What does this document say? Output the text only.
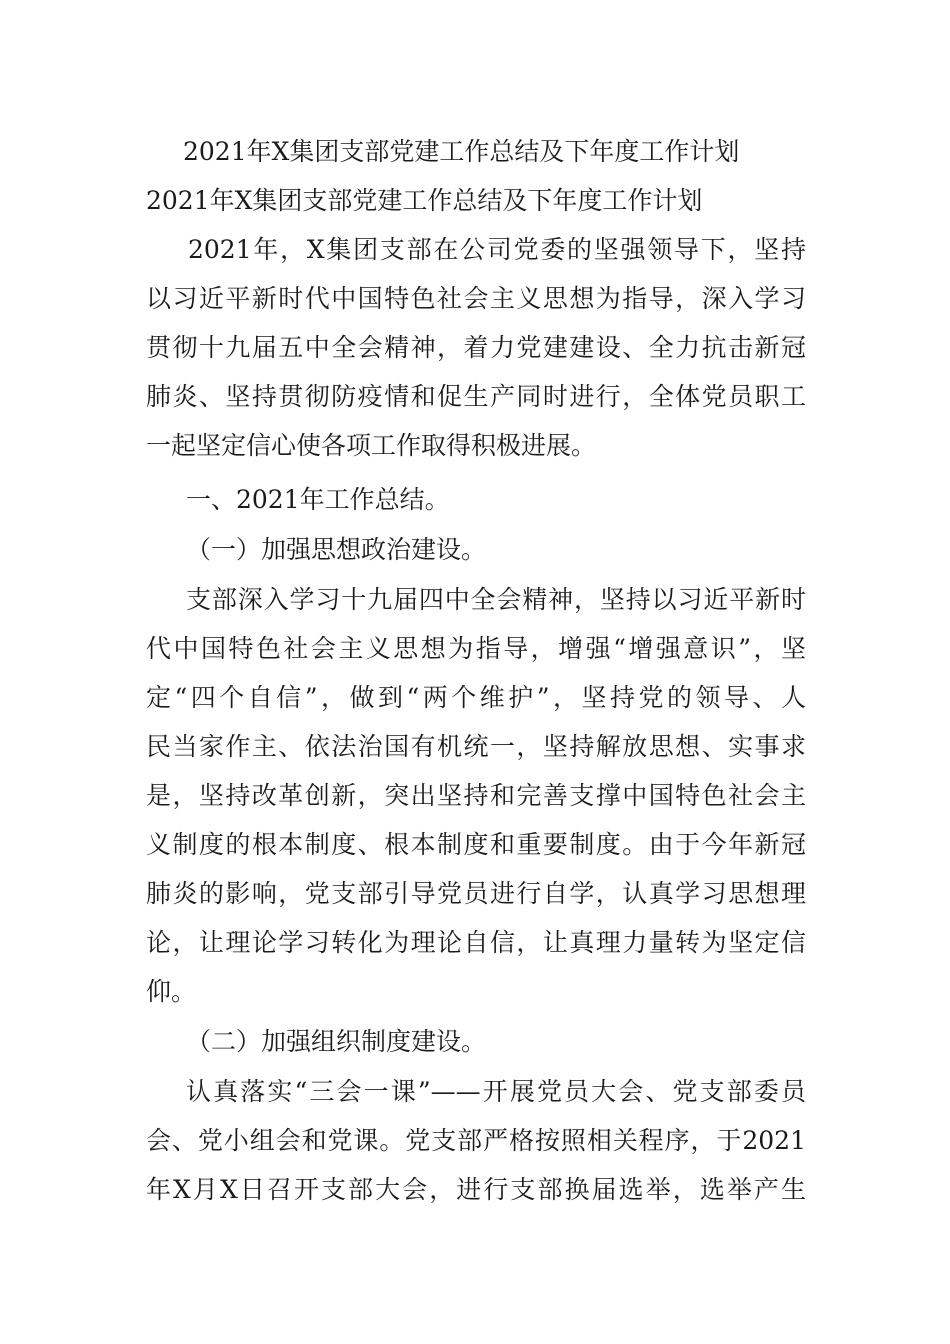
2021年X集团支部党建工作总结及下年度工作计划
2021年X集团支部党建工作总结及下年度工作计划
2021年，X集团支部在公司党委的坚强领导下，坚持
以习近平新时代中国特色社会主义思想为指导，深入学习
贯彻十九届五中全会精神，着力党建建设、全力抗击新冠
肺炎、坚持贯彻防疫情和促生产同时进行，全体党员职工
一起坚定信心使各项工作取得积极进展。
一、2021年工作总结。
（一）加强思想政治建设。
支部深入学习十九届四中全会精神，坚持以习近平新时
代中国特色社会主义思想为指导，增强“增强意识”，坚
定“四个自信”，做到“两个维护”，坚持党的领导、人
民当家作主、依法治国有机统一，坚持解放思想、实事求
是，坚持改革创新，突出坚持和完善支撑中国特色社会主
义制度的根本制度、根本制度和重要制度。由于今年新冠
肺炎的影响，党支部引导党员进行自学，认真学习思想理
论，让理论学习转化为理论自信，让真理力量转为坚定信
仰。
（二）加强组织制度建设。
认真落实“三会一课”——开展党员大会、党支部委员
会、党小组会和党课。党支部严格按照相关程序，于2021
年X月X日召开支部大会，进行支部换届选举，选举产生
